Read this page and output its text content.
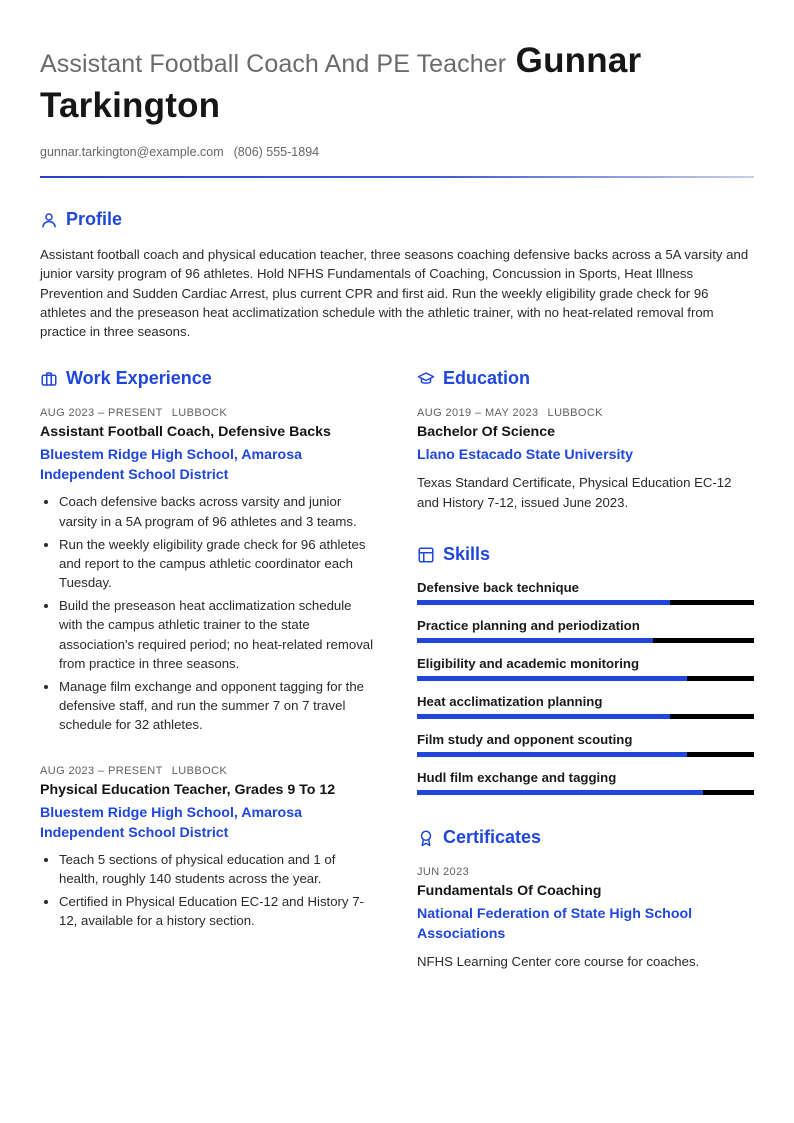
Assistant Football Coach And PE Teacher Gunnar Tarkington

gunnar.tarkington@example.com (806) 555-1894
Profile
Assistant football coach and physical education teacher, three seasons coaching defensive backs across a 5A varsity and junior varsity program of 96 athletes. Hold NFHS Fundamentals of Coaching, Concussion in Sports, Heat Illness Prevention and Sudden Cardiac Arrest, plus current CPR and first aid. Run the weekly eligibility grade check for 96 athletes and the preseason heat acclimatization schedule with the athletic trainer, with no heat-related removal from practice in three seasons.
Work Experience
AUG 2023 – PRESENT LUBBOCK
Assistant Football Coach, Defensive Backs
Bluestem Ridge High School, Amarosa Independent School District
• Coach defensive backs across varsity and junior varsity in a 5A program of 96 athletes and 3 teams.
• Run the weekly eligibility grade check for 96 athletes and report to the campus athletic coordinator each Tuesday.
• Build the preseason heat acclimatization schedule with the campus athletic trainer to the state association's required period; no heat-related removal from practice in three seasons.
• Manage film exchange and opponent tagging for the defensive staff, and run the summer 7 on 7 travel schedule for 32 athletes.
AUG 2023 – PRESENT LUBBOCK
Physical Education Teacher, Grades 9 To 12
Bluestem Ridge High School, Amarosa Independent School District
• Teach 5 sections of physical education and 1 of health, roughly 140 students across the year.
• Certified in Physical Education EC-12 and History 7-12, available for a history section.
Education
AUG 2019 – MAY 2023 LUBBOCK
Bachelor Of Science
Llano Estacado State University
Texas Standard Certificate, Physical Education EC-12 and History 7-12, issued June 2023.
Skills
Defensive back technique
Practice planning and periodization
Eligibility and academic monitoring
Heat acclimatization planning
Film study and opponent scouting
Hudl film exchange and tagging
Certificates
JUN 2023
Fundamentals Of Coaching
National Federation of State High School Associations
NFHS Learning Center core course for coaches.
